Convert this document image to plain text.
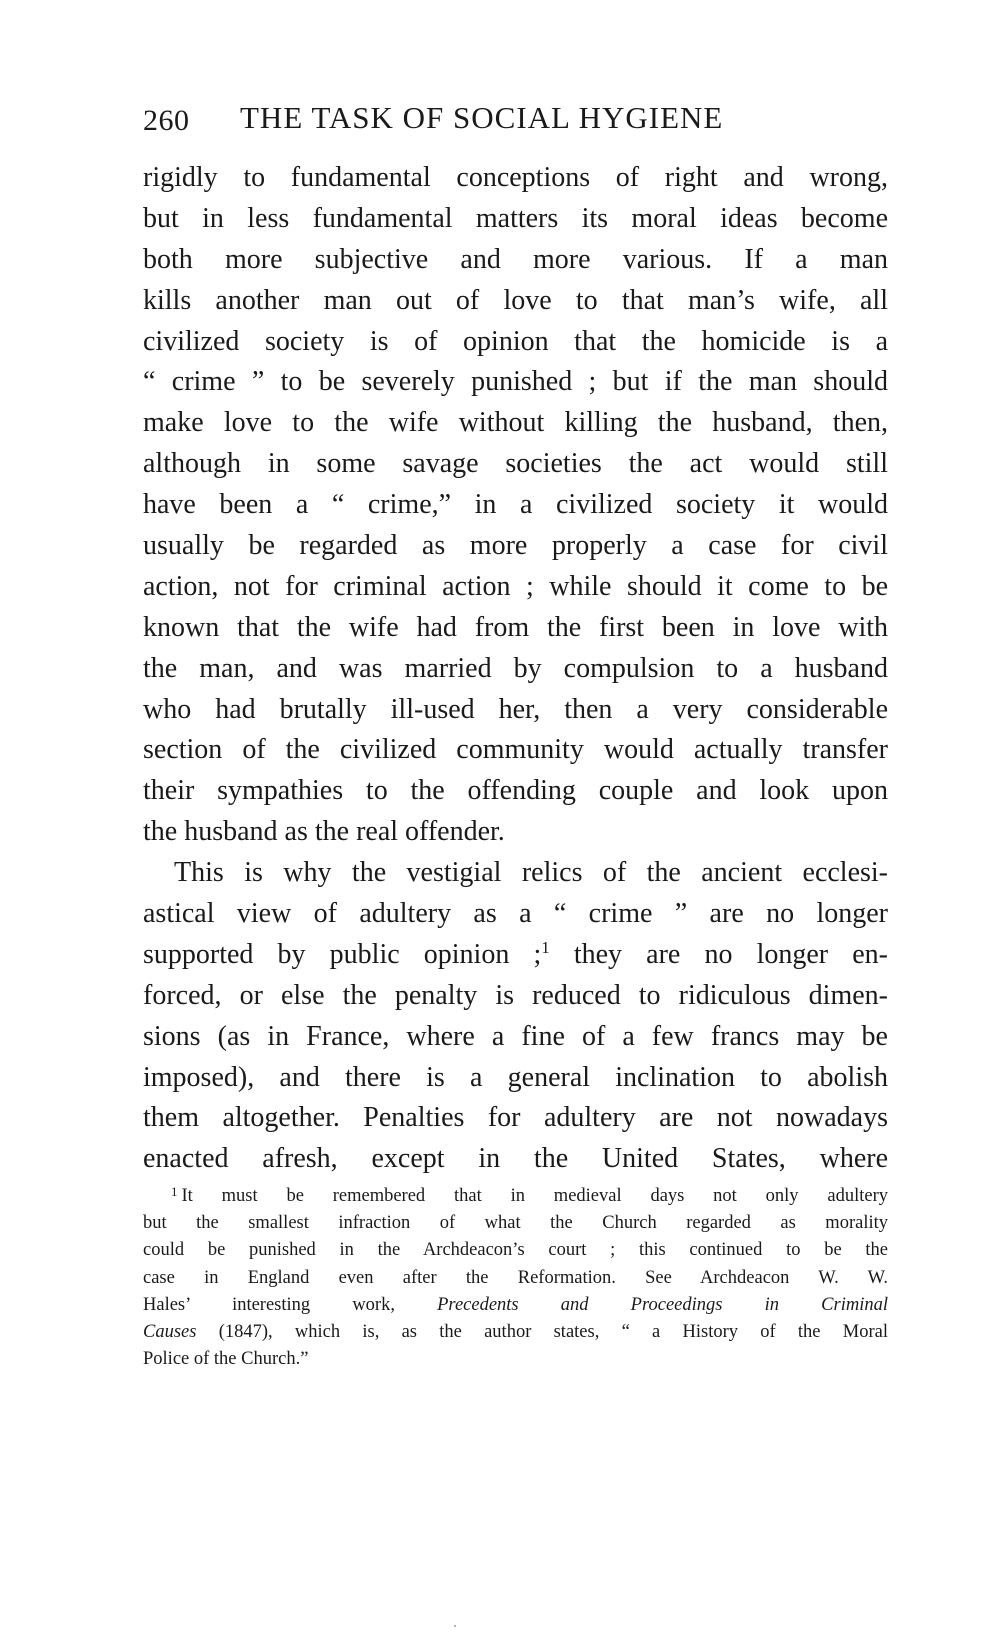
260 THE TASK OF SOCIAL HYGIENE
rigidly to fundamental conceptions of right and wrong,
but in less fundamental matters its moral ideas become
both more subjective and more various. If a man
kills another man out of love to that man’s wife, all
civilized society is of opinion that the homicide is a
“ crime ” to be severely punished ; but if the man should
make love to the wife without killing the husband, then,
although in some savage societies the act would still
have been a “ crime,” in a civilized society it would
usually be regarded as more properly a case for civil
action, not for criminal action ; while should it come to be
known that the wife had from the first been in love with
the man, and was married by compulsion to a husband
who had brutally ill-used her, then a very considerable
section of the civilized community would actually transfer
their sympathies to the offending couple and look upon
the husband as the real offender.
This is why the vestigial relics of the ancient ecclesi-
astical view of adultery as a “ crime ” are no longer
supported by public opinion ;$^1$ they are no longer en-
forced, or else the penalty is reduced to ridiculous dimen-
sions (as in France, where a fine of a few francs may be
imposed), and there is a general inclination to abolish
them altogether. Penalties for adultery are not nowadays
enacted afresh, except in the United States, where
$^1$ It must be remembered that in medieval days not only adultery
but the smallest infraction of what the Church regarded as morality
could be punished in the Archdeacon’s court ; this continued to be the
case in England even after the Reformation. See Archdeacon W. W.
Hales’ interesting work, Precedents and Proceedings in Criminal
Causes (1847), which is, as the author states, “ a History of the Moral
Police of the Church.”
